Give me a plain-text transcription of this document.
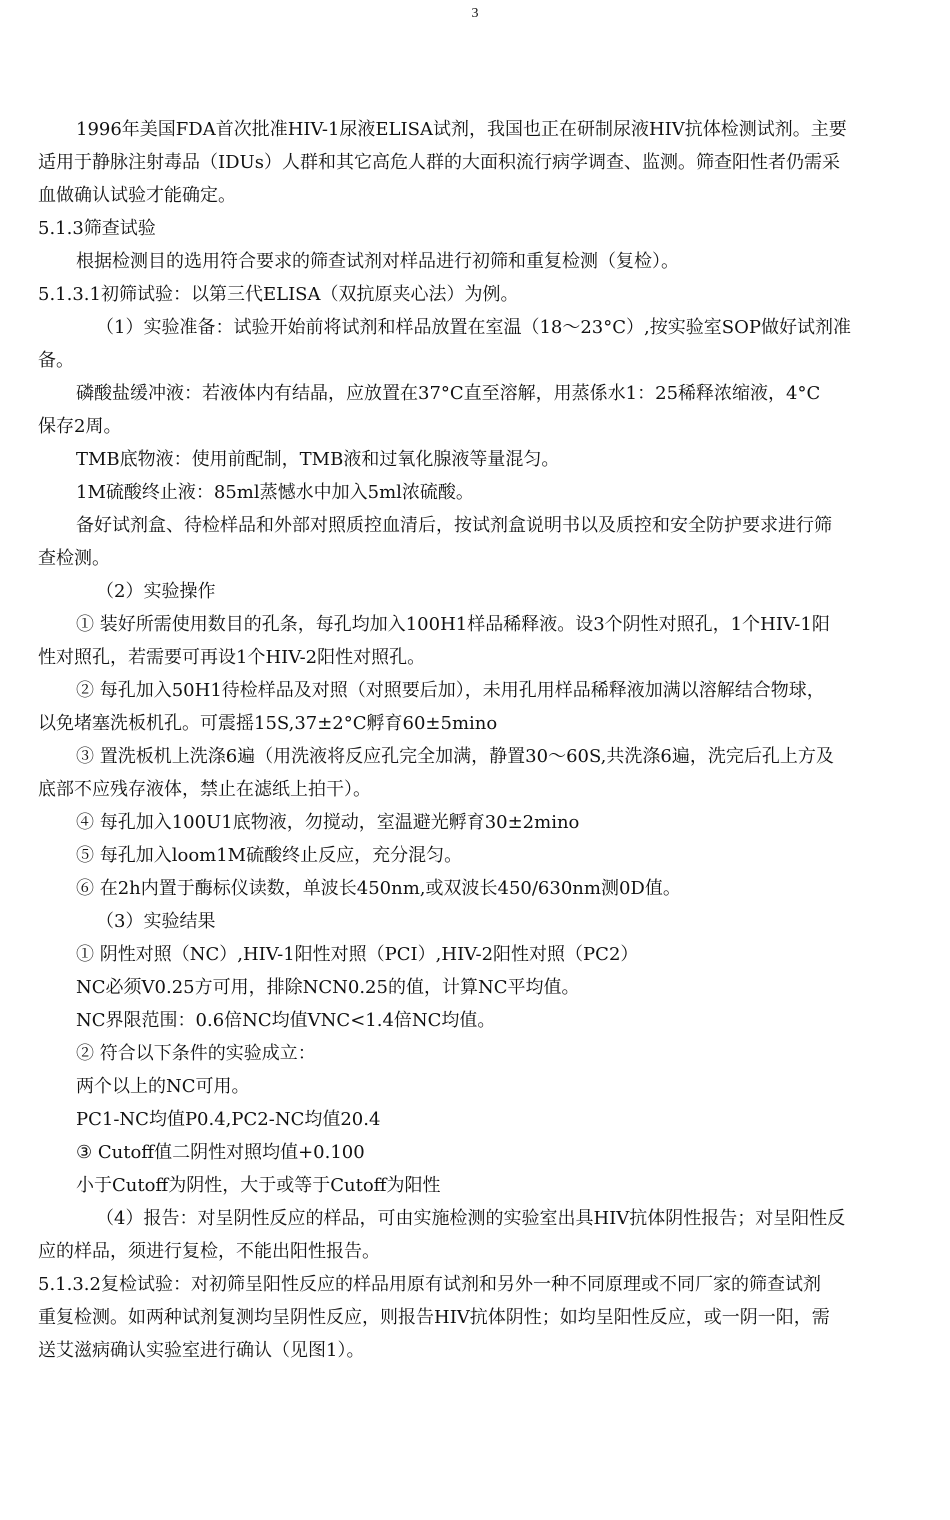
3
1996年美国FDA首次批准HIV-1尿液ELISA试剂，我国也正在研制尿液HIV抗体检测试剂。主要
适用于静脉注射毒品（IDUs）人群和其它高危人群的大面积流行病学调查、监测。筛查阳性者仍需采
血做确认试验才能确定。
5.1.3筛查试验
根据检测目的选用符合要求的筛查试剂对样品进行初筛和重复检测（复检）。
5.1.3.1初筛试验：以第三代ELISA（双抗原夹心法）为例。
（1）实验准备：试验开始前将试剂和样品放置在室温（18〜23°C）,按实验室SOP做好试剂准
备。
磷酸盐缓冲液：若液体内有结晶，应放置在37°C直至溶解，用蒸係水1：25稀释浓缩液，4°C
保存2周。
TMB底物液：使用前配制，TMB液和过氧化腺液等量混匀。
1M硫酸终止液：85ml蒸憾水中加入5ml浓硫酸。
备好试剂盒、待检样品和外部对照质控血清后，按试剂盒说明书以及质控和安全防护要求进行筛
查检测。
（2）实验操作
① 装好所需使用数目的孔条，每孔均加入100H1样品稀释液。设3个阴性对照孔，1个HIV-1阳
性对照孔，若需要可再设1个HIV-2阳性对照孔。
② 每孔加入50H1待检样品及对照（对照要后加），未用孔用样品稀释液加满以溶解结合物球，
以免堵塞洗板机孔。可震摇15S,37±2°C孵育60±5mino
③ 置洗板机上洗涤6遍（用洗液将反应孔完全加满，静置30〜60S,共洗涤6遍，洗完后孔上方及
底部不应残存液体，禁止在滤纸上拍干）。
④ 每孔加入100U1底物液，勿搅动，室温避光孵育30±2mino
⑤ 每孔加入loom1M硫酸终止反应，充分混匀。
⑥ 在2h内置于酶标仪读数，单波长450nm,或双波长450/630nm测0D值。
（3）实验结果
① 阴性对照（NC）,HIV-1阳性对照（PCI）,HIV-2阳性对照（PC2）
NC必须V0.25方可用，排除NCN0.25的值，计算NC平均值。
NC界限范围：0.6倍NC均值VNC<1.4倍NC均值。
② 符合以下条件的实验成立：
两个以上的NC可用。
PC1-NC均值P0.4,PC2-NC均值20.4
③ Cutoff值二阴性对照均值+0.100
小于Cutoff为阴性，大于或等于Cutoff为阳性
（4）报告：对呈阴性反应的样品，可由实施检测的实验室出具HIV抗体阴性报告；对呈阳性反
应的样品，须进行复检，不能出阳性报告。
5.1.3.2复检试验：对初筛呈阳性反应的样品用原有试剂和另外一种不同原理或不同厂家的筛查试剂
重复检测。如两种试剂复测均呈阴性反应，则报告HIV抗体阴性；如均呈阳性反应，或一阴一阳，需
送艾滋病确认实验室进行确认（见图1）。
